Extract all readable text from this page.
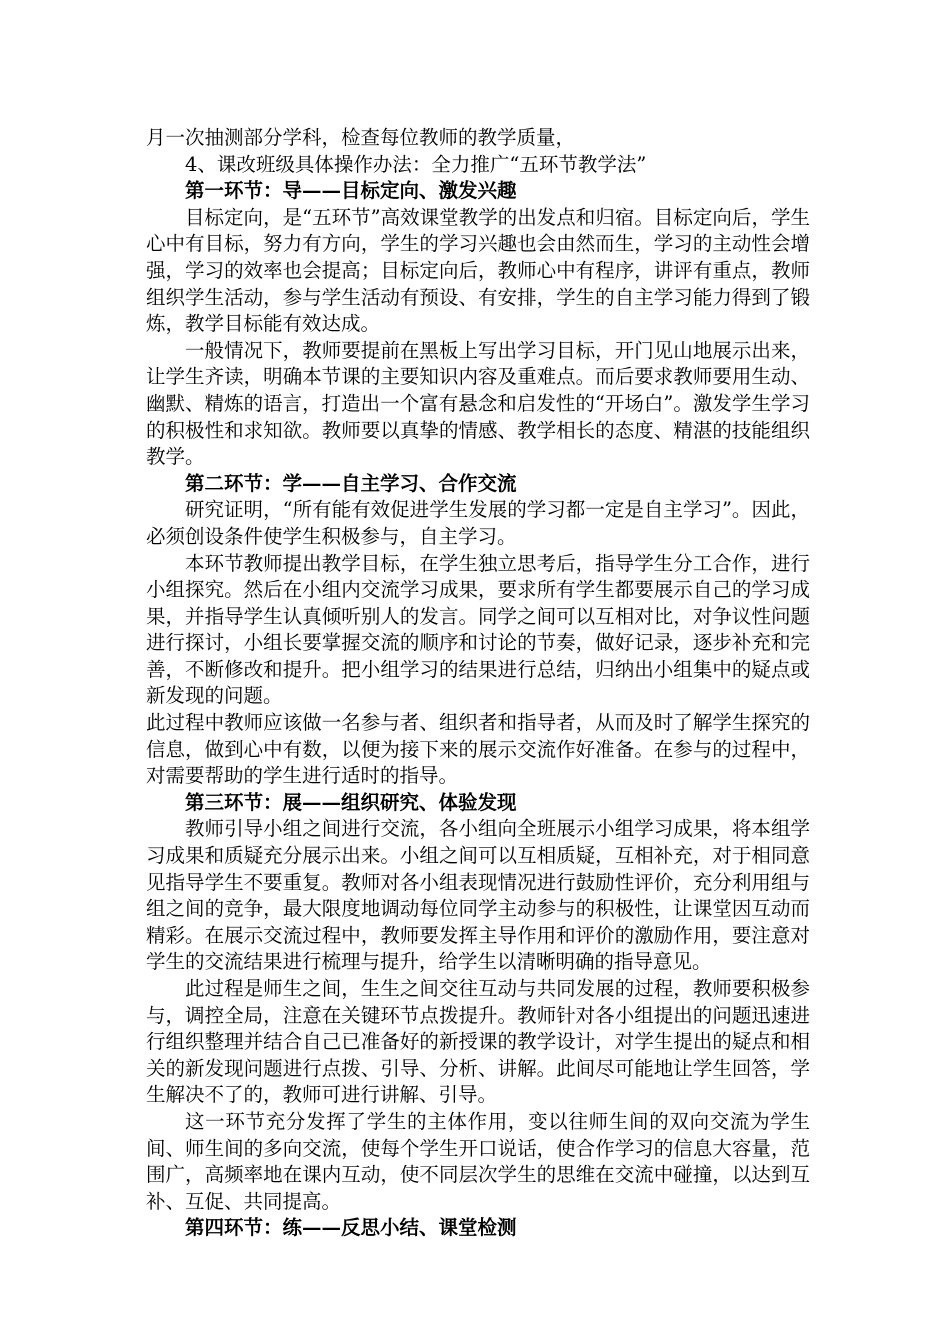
月一次抽测部分学科，检查每位教师的教学质量，

4、课改班级具体操作办法：全力推广“五环节教学法”

第一环节：导——目标定向、激发兴趣

目标定向，是“五环节”高效课堂教学的出发点和归宿。目标定向后，学生心中有目标，努力有方向，学生的学习兴趣也会由然而生，学习的主动性会增强，学习的效率也会提高；目标定向后，教师心中有程序，讲评有重点，教师组织学生活动，参与学生活动有预设、有安排，学生的自主学习能力得到了锻炼，教学目标能有效达成。

一般情况下，教师要提前在黑板上写出学习目标，开门见山地展示出来，让学生齐读，明确本节课的主要知识内容及重难点。而后要求教师要用生动、幽默、精炼的语言，打造出一个富有悬念和启发性的“开场白”。激发学生学习的积极性和求知欲。教师要以真挚的情感、教学相长的态度、精湛的技能组织教学。

第二环节：学——自主学习、合作交流

研究证明，“所有能有效促进学生发展的学习都一定是自主学习”。因此，必须创设条件使学生积极参与，自主学习。

本环节教师提出教学目标，在学生独立思考后，指导学生分工合作，进行小组探究。然后在小组内交流学习成果，要求所有学生都要展示自己的学习成果，并指导学生认真倾听别人的发言。同学之间可以互相对比，对争议性问题进行探讨，小组长要掌握交流的顺序和讨论的节奏，做好记录，逐步补充和完善，不断修改和提升。把小组学习的结果进行总结，归纳出小组集中的疑点或新发现的问题。

此过程中教师应该做一名参与者、组织者和指导者，从而及时了解学生探究的信息，做到心中有数，以便为接下来的展示交流作好准备。在参与的过程中，对需要帮助的学生进行适时的指导。

第三环节：展——组织研究、体验发现

教师引导小组之间进行交流，各小组向全班展示小组学习成果，将本组学习成果和质疑充分展示出来。小组之间可以互相质疑，互相补充，对于相同意见指导学生不要重复。教师对各小组表现情况进行鼓励性评价，充分利用组与组之间的竞争，最大限度地调动每位同学主动参与的积极性，让课堂因互动而精彩。在展示交流过程中，教师要发挥主导作用和评价的激励作用，要注意对学生的交流结果进行梳理与提升，给学生以清晰明确的指导意见。

此过程是师生之间，生生之间交往互动与共同发展的过程，教师要积极参与，调控全局，注意在关键环节点拨提升。教师针对各小组提出的问题迅速进行组织整理并结合自己已准备好的新授课的教学设计，对学生提出的疑点和相关的新发现问题进行点拨、引导、分析、讲解。此间尽可能地让学生回答，学生解决不了的，教师可进行讲解、引导。

这一环节充分发挥了学生的主体作用，变以往师生间的双向交流为学生间、师生间的多向交流，使每个学生开口说话，使合作学习的信息大容量，范围广，高频率地在课内互动，使不同层次学生的思维在交流中碰撞，以达到互补、互促、共同提高。

第四环节：练——反思小结、课堂检测
